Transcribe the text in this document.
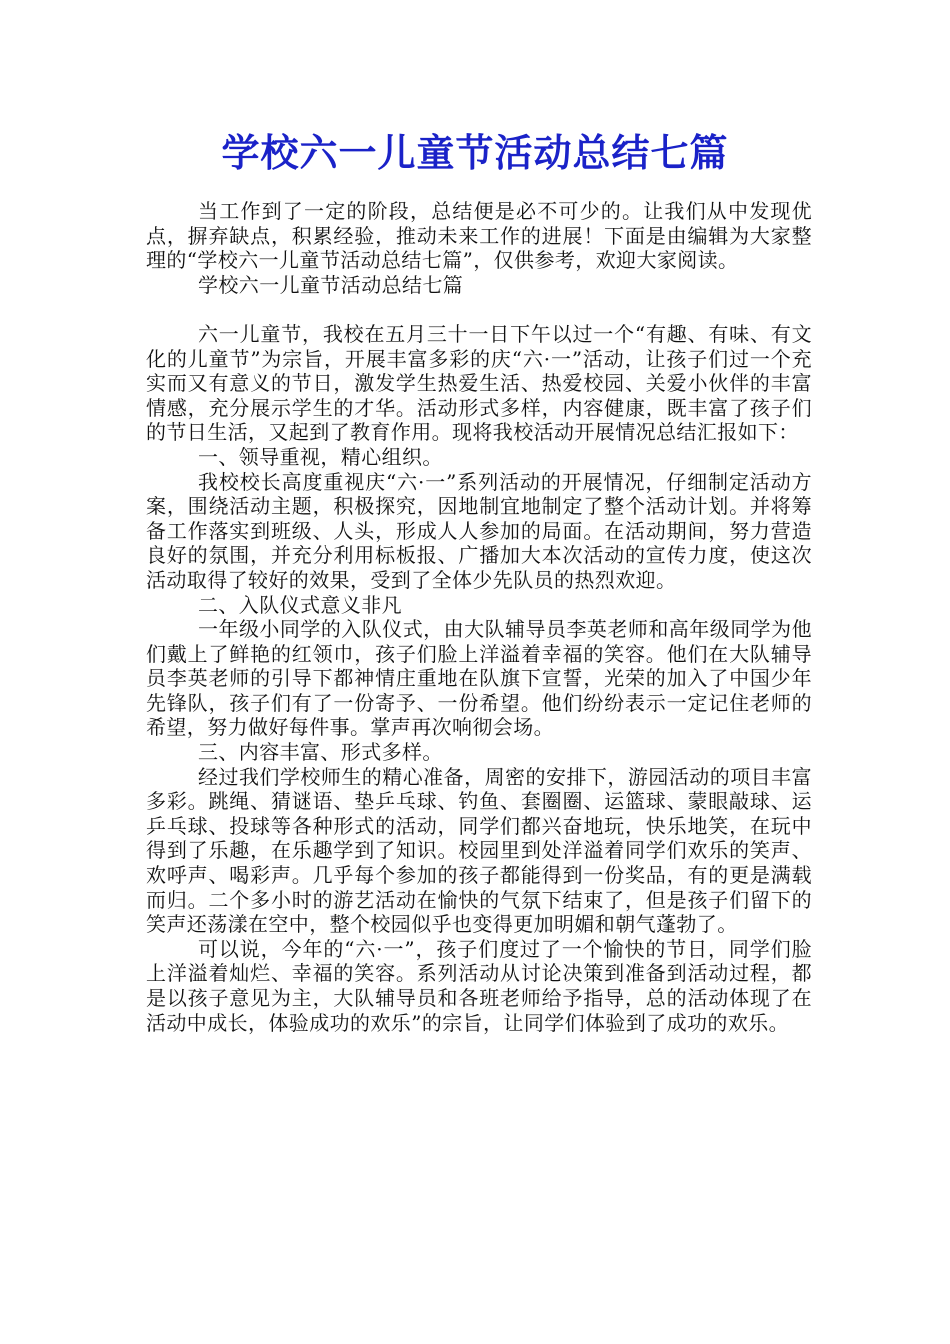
学校六一儿童节活动总结七篇

当工作到了一定的阶段，总结便是必不可少的。让我们从中发现优点，摒弃缺点，积累经验，推动未来工作的进展！下面是由编辑为大家整理的“学校六一儿童节活动总结七篇”，仅供参考，欢迎大家阅读。

学校六一儿童节活动总结七篇

六一儿童节，我校在五月三十一日下午以过一个“有趣、有味、有文化的儿童节”为宗旨，开展丰富多彩的庆“六·一”活动，让孩子们过一个充实而又有意义的节日，激发学生热爱生活、热爱校园、关爱小伙伴的丰富情感，充分展示学生的才华。活动形式多样，内容健康，既丰富了孩子们的节日生活，又起到了教育作用。现将我校活动开展情况总结汇报如下：

一、领导重视，精心组织。

我校校长高度重视庆“六·一”系列活动的开展情况，仔细制定活动方案，围绕活动主题，积极探究，因地制宜地制定了整个活动计划。并将筹备工作落实到班级、人头，形成人人参加的局面。在活动期间，努力营造良好的氛围，并充分利用标板报、广播加大本次活动的宣传力度，使这次活动取得了较好的效果，受到了全体少先队员的热烈欢迎。

二、入队仪式意义非凡

一年级小同学的入队仪式，由大队辅导员李英老师和高年级同学为他们戴上了鲜艳的红领巾，孩子们脸上洋溢着幸福的笑容。他们在大队辅导员李英老师的引导下都神情庄重地在队旗下宣誓，光荣的加入了中国少年先锋队，孩子们有了一份寄予、一份希望。他们纷纷表示一定记住老师的希望，努力做好每件事。掌声再次响彻会场。

三、内容丰富、形式多样。

经过我们学校师生的精心准备，周密的安排下，游园活动的项目丰富多彩。跳绳、猜谜语、垫乒乓球、钓鱼、套圈圈、运篮球、蒙眼敲球、运乒乓球、投球等各种形式的活动，同学们都兴奋地玩，快乐地笑，在玩中得到了乐趣，在乐趣学到了知识。校园里到处洋溢着同学们欢乐的笑声、欢呼声、喝彩声。几乎每个参加的孩子都能得到一份奖品，有的更是满载而归。二个多小时的游艺活动在愉快的气氛下结束了，但是孩子们留下的笑声还荡漾在空中，整个校园似乎也变得更加明媚和朝气蓬勃了。

可以说，今年的“六·一”，孩子们度过了一个愉快的节日，同学们脸上洋溢着灿烂、幸福的笑容。系列活动从讨论决策到准备到活动过程，都是以孩子意见为主，大队辅导员和各班老师给予指导，总的活动体现了在活动中成长，体验成功的欢乐”的宗旨，让同学们体验到了成功的欢乐。
